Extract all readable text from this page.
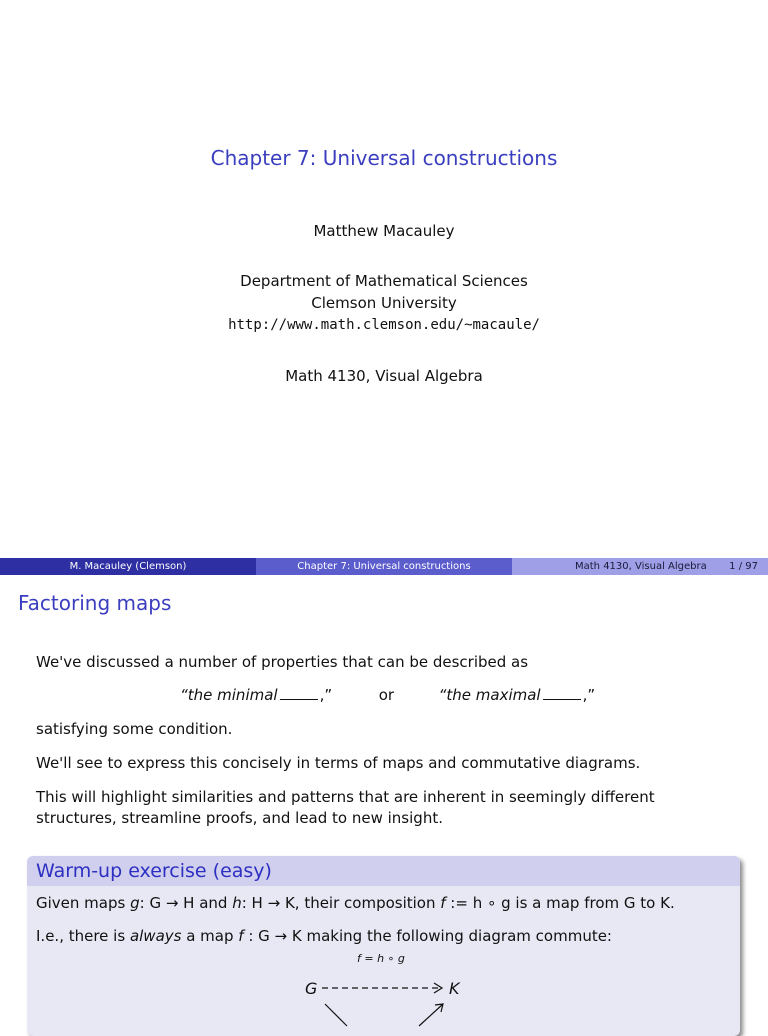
Chapter 7: Universal constructions
Matthew Macauley
Department of Mathematical Sciences
Clemson University
http://www.math.clemson.edu/~macaule/
Math 4130, Visual Algebra
M. Macauley (Clemson)	Chapter 7: Universal constructions	Math 4130, Visual Algebra 1 / 97
Factoring maps
We've discussed a number of properties that can be described as
“the minimal	,”	or	“the maximal	,”
satisfying some condition.
We'll see to express this concisely in terms of maps and commutative diagrams.
This will highlight similarities and patterns that are inherent in seemingly different
structures, streamline proofs, and lead to new insight.
Warm-up exercise (easy)
Given maps g: G → H and h: H → K, their composition f := h ∘ g is a map from G to K.
I.e., there is always a map f : G → K making the following diagram commute:
f = h ∘ g
G	K
